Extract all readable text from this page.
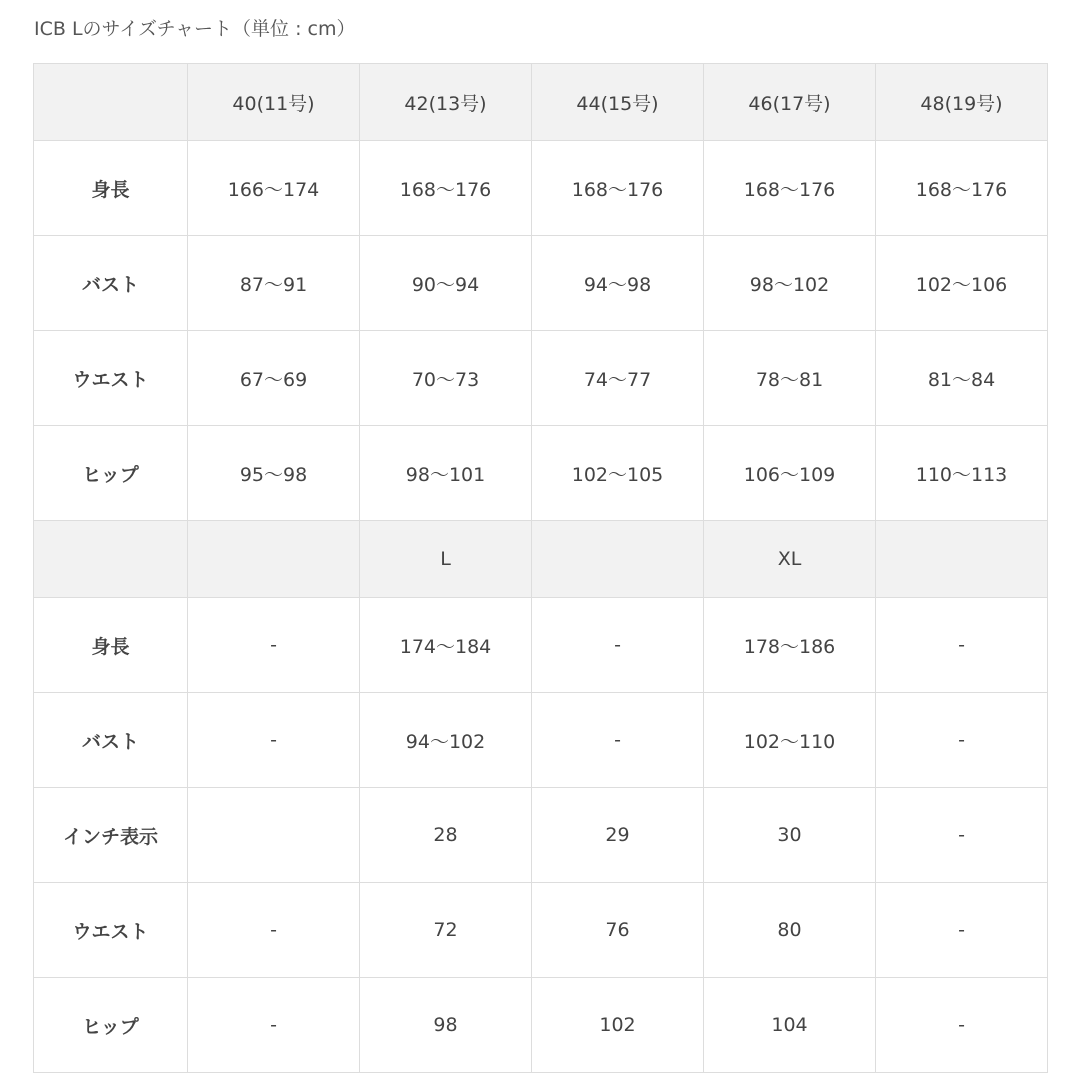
ICB Lのサイズチャート（単位 : cm）
	40(11号)	42(13号)	44(15号)	46(17号)	48(19号)
身長	166〜174	168〜176	168〜176	168〜176	168〜176
バスト	87〜91	90〜94	94〜98	98〜102	102〜106
ウエスト	67〜69	70〜73	74〜77	78〜81	81〜84
ヒップ	95〜98	98〜101	102〜105	106〜109	110〜113
		L		XL	
身長	-	174〜184	-	178〜186	-
バスト	-	94〜102	-	102〜110	-
インチ表示		28	29	30	-
ウエスト	-	72	76	80	-
ヒップ	-	98	102	104	-
